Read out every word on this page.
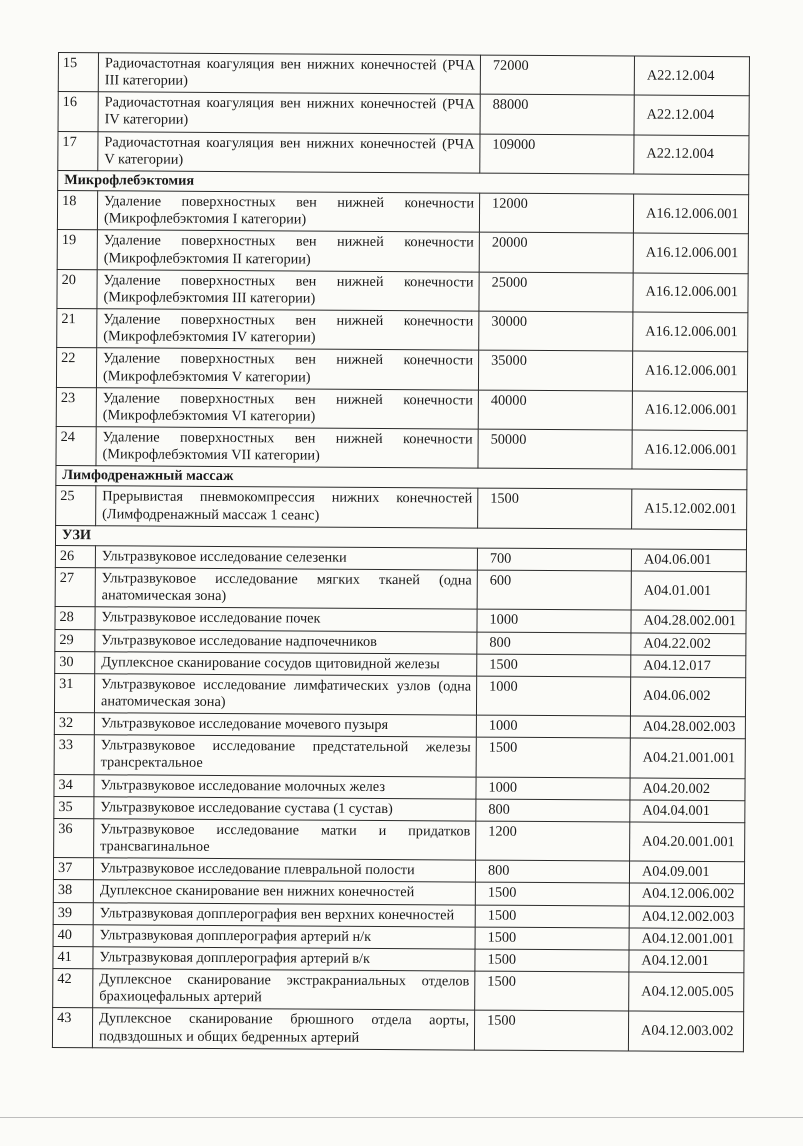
15	Радиочастотная коагуляция вен нижних конечностей (РЧА III категории)	72000	A22.12.004
16	Радиочастотная коагуляция вен нижних конечностей (РЧА IV категории)	88000	A22.12.004
17	Радиочастотная коагуляция вен нижних конечностей (РЧА V категории)	109000	A22.12.004
Микрофлебэктомия			
18	Удаление поверхностных вен нижней конечности (Микрофлебэктомия I категории)	12000	A16.12.006.001
19	Удаление поверхностных вен нижней конечности (Микрофлебэктомия II категории)	20000	A16.12.006.001
20	Удаление поверхностных вен нижней конечности (Микрофлебэктомия III категории)	25000	A16.12.006.001
21	Удаление поверхностных вен нижней конечности (Микрофлебэктомия IV категории)	30000	A16.12.006.001
22	Удаление поверхностных вен нижней конечности (Микрофлебэктомия V категории)	35000	A16.12.006.001
23	Удаление поверхностных вен нижней конечности (Микрофлебэктомия VI категории)	40000	A16.12.006.001
24	Удаление поверхностных вен нижней конечности (Микрофлебэктомия VII категории)	50000	A16.12.006.001
Лимфодренажный массаж			
25	Прерывистая пневмокомпрессия нижних конечностей (Лимфодренажный массаж 1 сеанс)	1500	A15.12.002.001
УЗИ			
26	Ультразвуковое исследование селезенки	700	A04.06.001
27	Ультразвуковое исследование мягких тканей (одна анатомическая зона)	600	A04.01.001
28	Ультразвуковое исследование почек	1000	A04.28.002.001
29	Ультразвуковое исследование надпочечников	800	A04.22.002
30	Дуплексное сканирование сосудов щитовидной железы	1500	A04.12.017
31	Ультразвуковое исследование лимфатических узлов (одна анатомическая зона)	1000	A04.06.002
32	Ультразвуковое исследование мочевого пузыря	1000	A04.28.002.003
33	Ультразвуковое исследование предстательной железы трансректальное	1500	A04.21.001.001
34	Ультразвуковое исследование молочных желез	1000	A04.20.002
35	Ультразвуковое исследование сустава (1 сустав)	800	A04.04.001
36	Ультразвуковое исследование матки и придатков трансвагинальное	1200	A04.20.001.001
37	Ультразвуковое исследование плевральной полости	800	A04.09.001
38	Дуплексное сканирование вен нижних конечностей	1500	A04.12.006.002
39	Ультразвуковая допплерография вен верхних конечностей	1500	A04.12.002.003
40	Ультразвуковая допплерография артерий н/к	1500	A04.12.001.001
41	Ультразвуковая допплерография артерий в/к	1500	A04.12.001
42	Дуплексное сканирование экстракраниальных отделов брахиоцефальных артерий	1500	A04.12.005.005
43	Дуплексное сканирование брюшного отдела аорты, подвздошных и общих бедренных артерий	1500	A04.12.003.002
